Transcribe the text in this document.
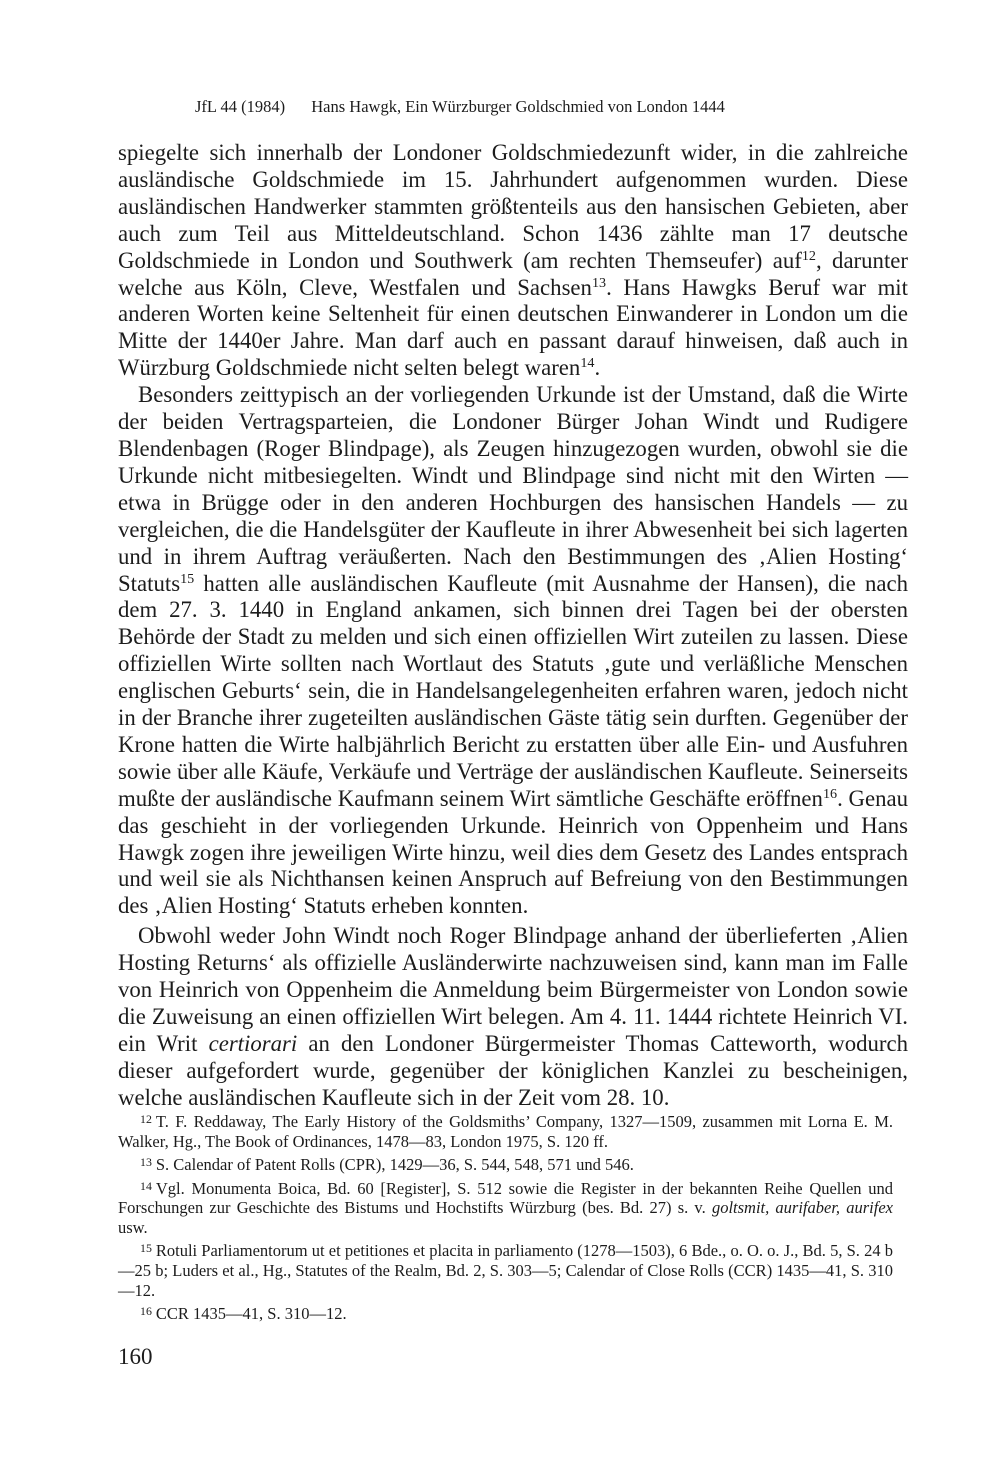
JfL 44 (1984) Hans Hawgk, Ein Würzburger Goldschmied von London 1444

spiegelte sich innerhalb der Londoner Goldschmiedezunft wider, in die zahlreiche ausländische Goldschmiede im 15. Jahrhundert aufgenommen wurden. Diese ausländischen Handwerker stammten größtenteils aus den hansischen Gebieten, aber auch zum Teil aus Mitteldeutschland. Schon 1436 zählte man 17 deutsche Goldschmiede in London und Southwerk (am rechten Themseufer) auf$^{12}$, darunter welche aus Köln, Cleve, Westfalen und Sachsen$^{13}$. Hans Hawgks Beruf war mit anderen Worten keine Seltenheit für einen deutschen Einwanderer in London um die Mitte der 1440er Jahre. Man darf auch en passant darauf hinweisen, daß auch in Würzburg Goldschmiede nicht selten belegt waren$^{14}$.

Besonders zeittypisch an der vorliegenden Urkunde ist der Umstand, daß die Wirte der beiden Vertragsparteien, die Londoner Bürger Johan Windt und Rudigere Blendenbagen (Roger Blindpage), als Zeugen hinzugezogen wurden, obwohl sie die Urkunde nicht mitbesiegelten. Windt und Blindpage sind nicht mit den Wirten — etwa in Brügge oder in den anderen Hochburgen des hansischen Handels — zu vergleichen, die die Handelsgüter der Kaufleute in ihrer Abwesenheit bei sich lagerten und in ihrem Auftrag veräußerten. Nach den Bestimmungen des ‚Alien Hosting‘ Statuts$^{15}$ hatten alle ausländischen Kaufleute (mit Ausnahme der Hansen), die nach dem 27. 3. 1440 in England ankamen, sich binnen drei Tagen bei der obersten Behörde der Stadt zu melden und sich einen offiziellen Wirt zuteilen zu lassen. Diese offiziellen Wirte sollten nach Wortlaut des Statuts ‚gute und verläßliche Menschen englischen Geburts‘ sein, die in Handelsangelegenheiten erfahren waren, jedoch nicht in der Branche ihrer zugeteilten ausländischen Gäste tätig sein durften. Gegenüber der Krone hatten die Wirte halbjährlich Bericht zu erstatten über alle Ein- und Ausfuhren sowie über alle Käufe, Verkäufe und Verträge der ausländischen Kaufleute. Seinerseits mußte der ausländische Kaufmann seinem Wirt sämtliche Geschäfte eröffnen$^{16}$. Genau das geschieht in der vorliegenden Urkunde. Heinrich von Oppenheim und Hans Hawgk zogen ihre jeweiligen Wirte hinzu, weil dies dem Gesetz des Landes entsprach und weil sie als Nichthansen keinen Anspruch auf Befreiung von den Bestimmungen des ‚Alien Hosting‘ Statuts erheben konnten.

Obwohl weder John Windt noch Roger Blindpage anhand der überlieferten ‚Alien Hosting Returns‘ als offizielle Ausländerwirte nachzuweisen sind, kann man im Falle von Heinrich von Oppenheim die Anmeldung beim Bürgermeister von London sowie die Zuweisung an einen offiziellen Wirt belegen. Am 4. 11. 1444 richtete Heinrich VI. ein Writ certiorari an den Londoner Bürgermeister Thomas Catteworth, wodurch dieser aufgefordert wurde, gegenüber der königlichen Kanzlei zu bescheinigen, welche ausländischen Kaufleute sich in der Zeit vom 28. 10.

$^{12}$ T. F. Reddaway, The Early History of the Goldsmiths’ Company, 1327—1509, zusammen mit Lorna E. M. Walker, Hg., The Book of Ordinances, 1478—83, London 1975, S. 120 ff.

$^{13}$ S. Calendar of Patent Rolls (CPR), 1429—36, S. 544, 548, 571 und 546.

$^{14}$ Vgl. Monumenta Boica, Bd. 60 [Register], S. 512 sowie die Register in der bekannten Reihe Quellen und Forschungen zur Geschichte des Bistums und Hochstifts Würzburg (bes. Bd. 27) s. v. goltsmit, aurifaber, aurifex usw.

$^{15}$ Rotuli Parliamentorum ut et petitiones et placita in parliamento (1278—1503), 6 Bde., o. O. o. J., Bd. 5, S. 24 b—25 b; Luders et al., Hg., Statutes of the Realm, Bd. 2, S. 303—5; Calendar of Close Rolls (CCR) 1435—41, S. 310—12.

$^{16}$ CCR 1435—41, S. 310—12.

160
